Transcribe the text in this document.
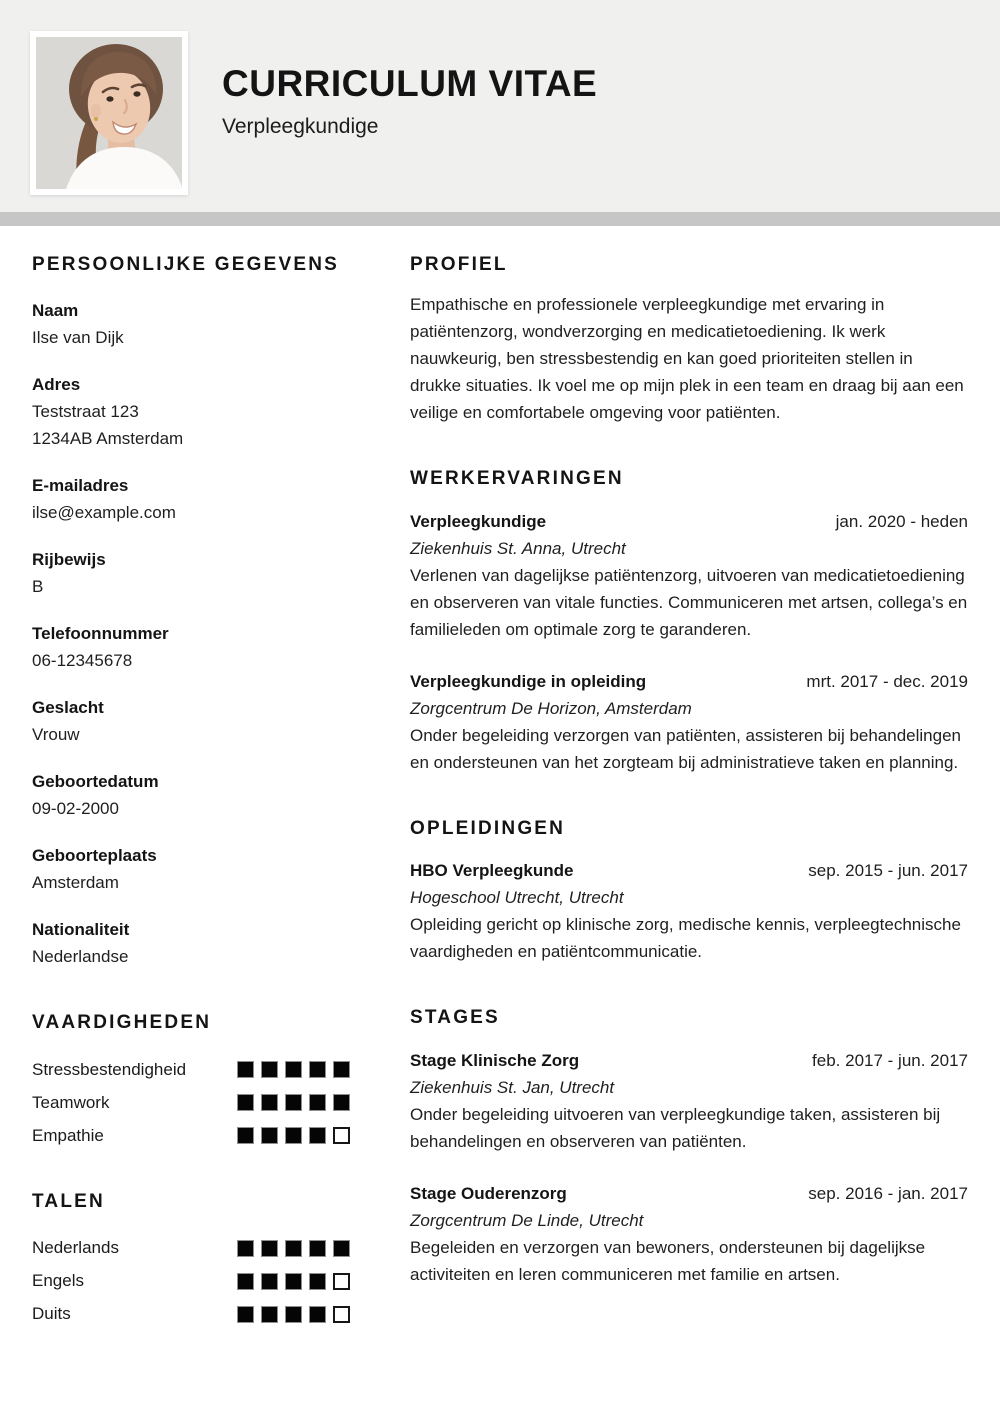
CURRICULUM VITAE
Verpleegkundige
PERSOONLIJKE GEGEVENS
Naam
Ilse van Dijk
Adres
Teststraat 123
1234AB Amsterdam
E-mailadres
ilse@example.com
Rijbewijs
B
Telefoonnummer
06-12345678
Geslacht
Vrouw
Geboortedatum
09-02-2000
Geboorteplaats
Amsterdam
Nationaliteit
Nederlandse
VAARDIGHEDEN
Stressbestendigheid
Teamwork
Empathie
TALEN
Nederlands
Engels
Duits
PROFIEL

Empathische en professionele verpleegkundige met ervaring in patiëntenzorg, wondverzorging en medicatietoediening. Ik werk nauwkeurig, ben stressbestendig en kan goed prioriteiten stellen in drukke situaties. Ik voel me op mijn plek in een team en draag bij aan een veilige en comfortabele omgeving voor patiënten.

WERKERVARINGEN
Verpleegkundige	jan. 2020 - heden
Ziekenhuis St. Anna, Utrecht
Verlenen van dagelijkse patiëntenzorg, uitvoeren van medicatietoediening en observeren van vitale functies. Communiceren met artsen, collega’s en familieleden om optimale zorg te garanderen.
Verpleegkundige in opleiding	mrt. 2017 - dec. 2019
Zorgcentrum De Horizon, Amsterdam
Onder begeleiding verzorgen van patiënten, assisteren bij behandelingen en ondersteunen van het zorgteam bij administratieve taken en planning.
OPLEIDINGEN
HBO Verpleegkunde	sep. 2015 - jun. 2017
Hogeschool Utrecht, Utrecht
Opleiding gericht op klinische zorg, medische kennis, verpleegtechnische vaardigheden en patiëntcommunicatie.
STAGES
Stage Klinische Zorg	feb. 2017 - jun. 2017
Ziekenhuis St. Jan, Utrecht
Onder begeleiding uitvoeren van verpleegkundige taken, assisteren bij behandelingen en observeren van patiënten.
Stage Ouderenzorg	sep. 2016 - jan. 2017
Zorgcentrum De Linde, Utrecht
Begeleiden en verzorgen van bewoners, ondersteunen bij dagelijkse activiteiten en leren communiceren met familie en artsen.
